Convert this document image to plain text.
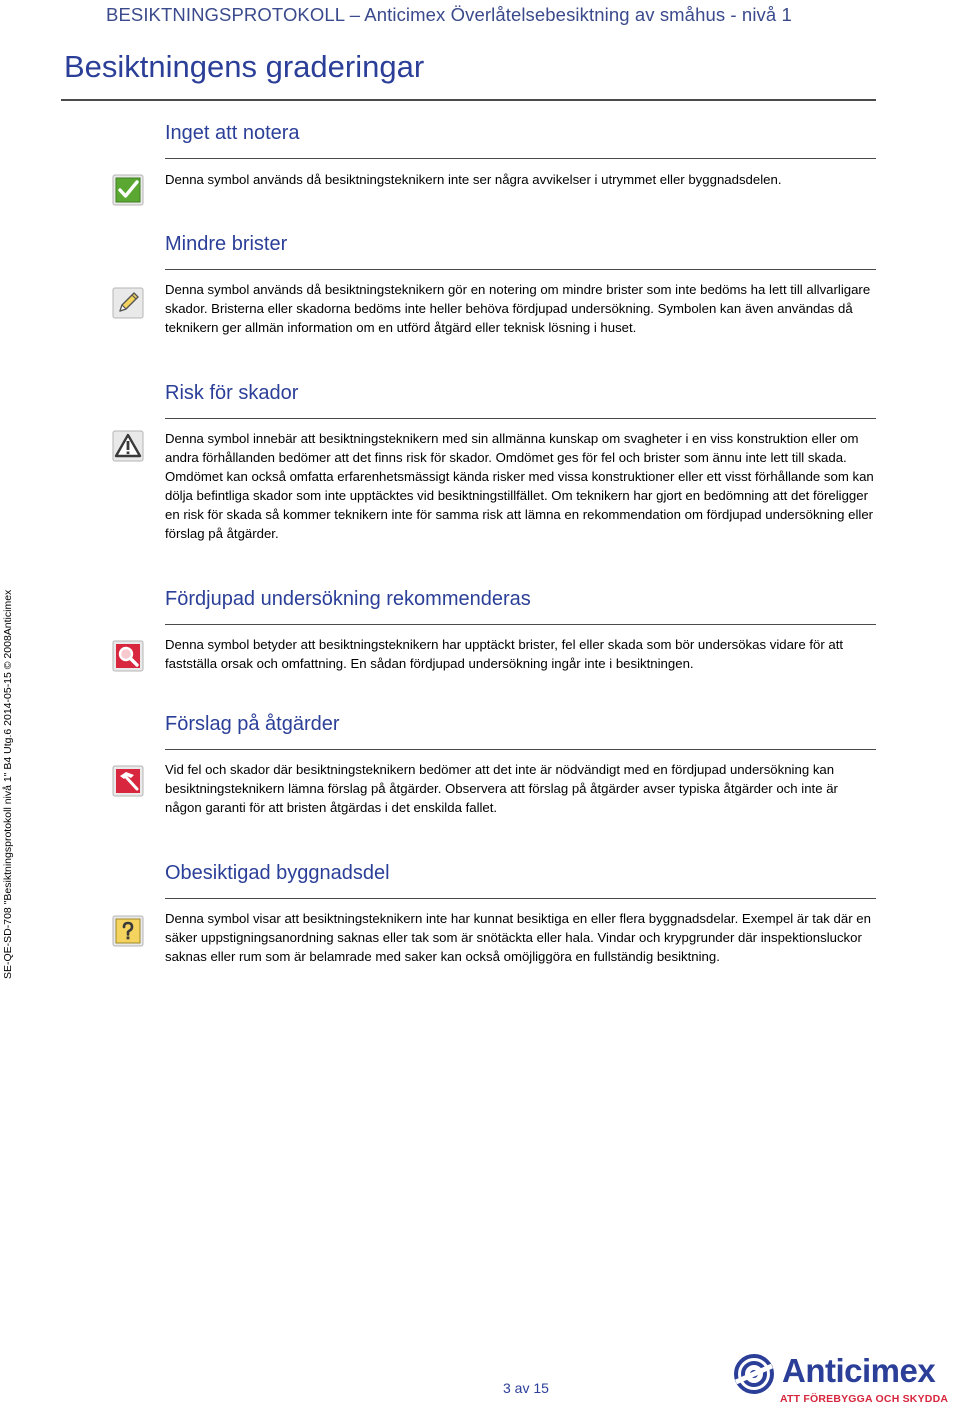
BESIKTNINGSPROTOKOLL – Anticimex Överlåtelsebesiktning av småhus - nivå 1
Besiktningens graderingar
Inget att notera
Denna symbol används då besiktningsteknikern inte ser några avvikelser i utrymmet eller byggnadsdelen.
Mindre brister
Denna symbol används då besiktningsteknikern gör en notering om mindre brister som inte bedöms ha lett till allvarligare skador. Bristerna eller skadorna bedöms inte heller behöva fördjupad undersökning. Symbolen kan även användas då teknikern ger allmän information om en utförd åtgärd eller teknisk lösning i huset.
Risk för skador
Denna symbol innebär att besiktningsteknikern med sin allmänna kunskap om svagheter i en viss konstruktion eller om andra förhållanden bedömer att det finns risk för skador. Omdömet ges för fel och brister som ännu inte lett till skada. Omdömet kan också omfatta erfarenhetsmässigt kända risker med vissa konstruktioner eller ett visst förhållande som kan dölja befintliga skador som inte upptäcktes vid besiktningstillfället. Om teknikern har gjort en bedömning att det föreligger en risk för skada så kommer teknikern inte för samma risk att lämna en rekommendation om fördjupad undersökning eller förslag på åtgärder.
Fördjupad undersökning rekommenderas
Denna symbol betyder att besiktningsteknikern har upptäckt brister, fel eller skada som bör undersökas vidare för att fastställa orsak och omfattning. En sådan fördjupad undersökning ingår inte i besiktningen.
Förslag på åtgärder
Vid fel och skador där besiktningsteknikern bedömer att det inte är nödvändigt med en fördjupad undersökning kan besiktningsteknikern lämna förslag på åtgärder. Observera att förslag på åtgärder avser typiska åtgärder och inte är någon garanti för att bristen åtgärdas i det enskilda fallet.
Obesiktigad byggnadsdel
Denna symbol visar att besiktningsteknikern inte har kunnat besiktiga en eller flera byggnadsdelar. Exempel är tak där en säker uppstigningsanordning saknas eller tak som är snötäckta eller hala. Vindar och krypgrunder där inspektionsluckor saknas eller rum som är belamrade med saker kan också omöjliggöra en fullständig besiktning.
SE-QE-SD-708 "Besiktningsprotokoll nivå 1" B4 Utg.6 2014-05-15 © 2008Anticimex
3 av 15	Anticimex
ATT FÖREBYGGA OCH SKYDDA
